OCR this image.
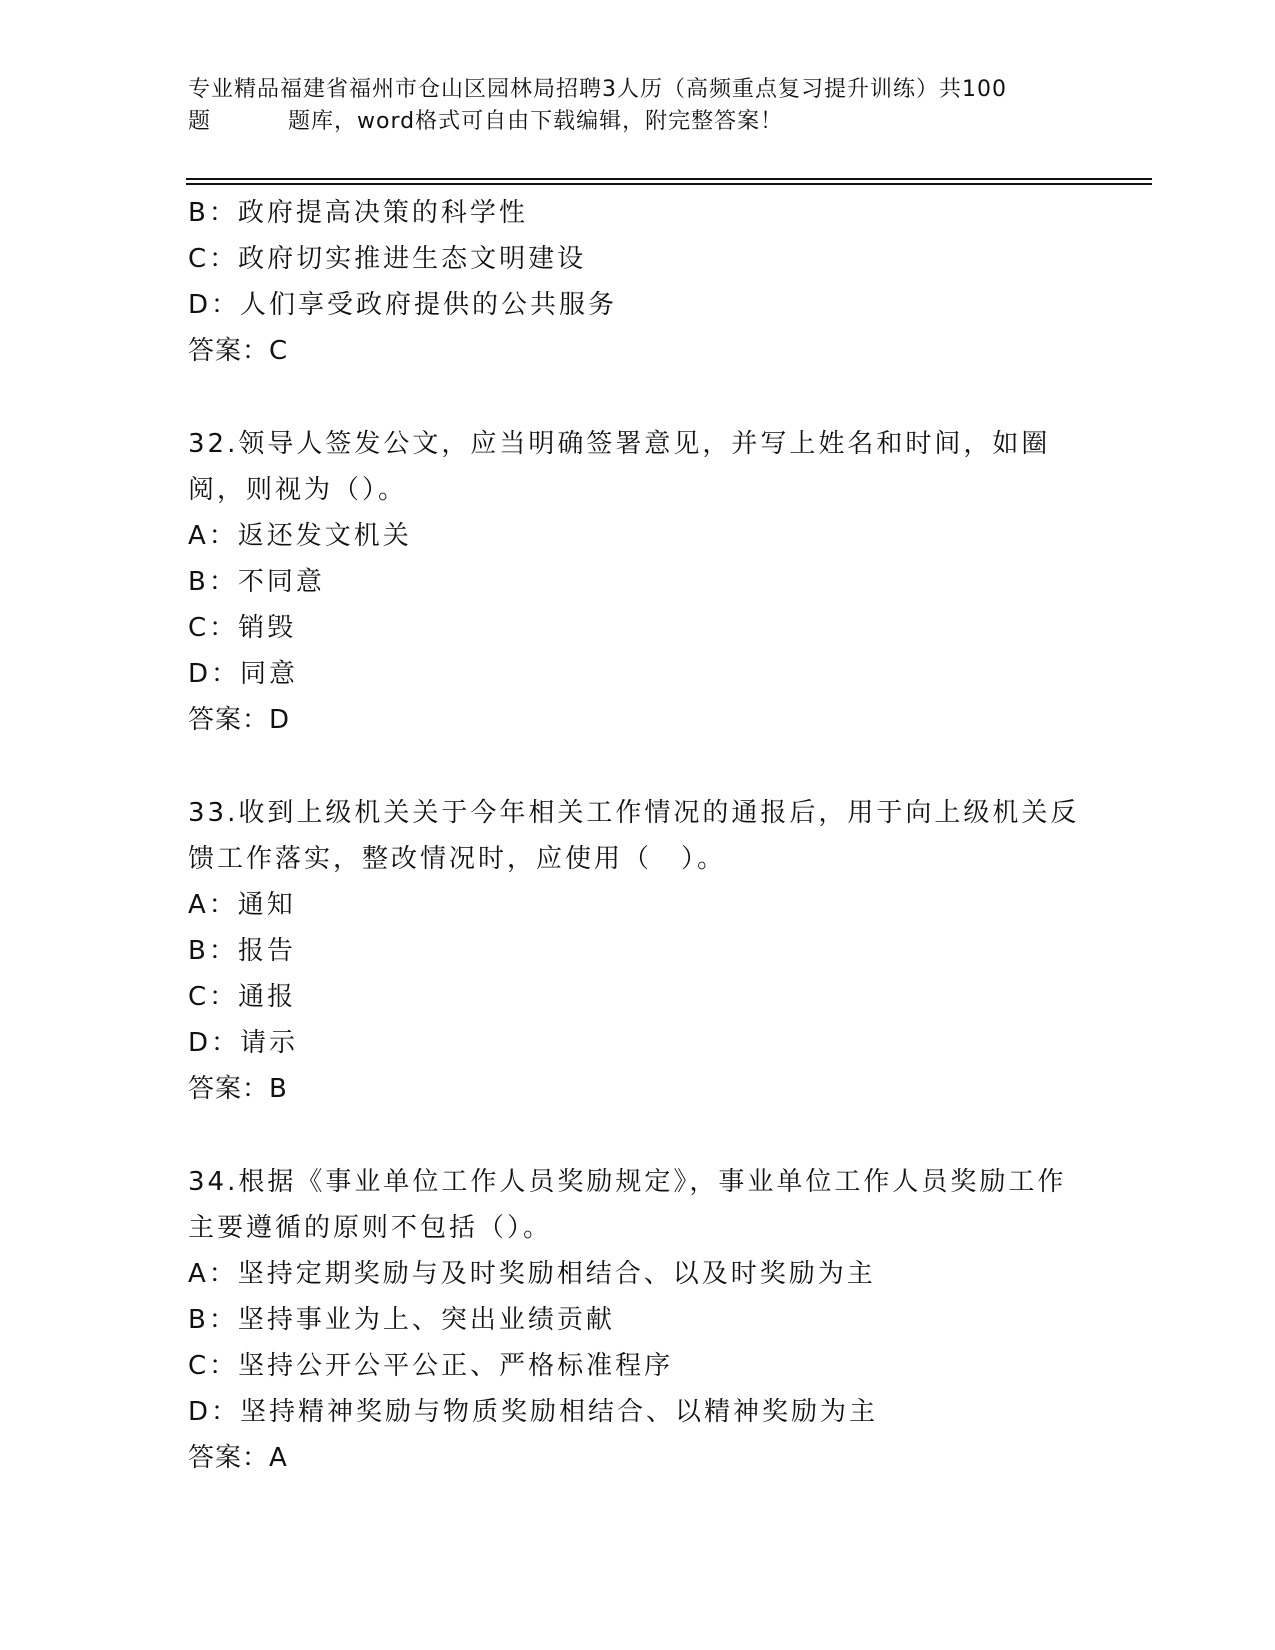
专业精品福建省福州市仓山区园林局招聘3人历（高频重点复习提升训练）共100
题	题库，word格式可自由下载编辑，附完整答案！
B：政府提高决策的科学性
C：政府切实推进生态文明建设
D：人们享受政府提供的公共服务
答案：C
32.领导人签发公文，应当明确签署意见，并写上姓名和时间，如圈阅，则视为（）。
A：返还发文机关
B：不同意
C：销毁
D：同意
答案：D
33.收到上级机关关于今年相关工作情况的通报后，用于向上级机关反馈工作落实，整改情况时，应使用（　）。
A：通知
B：报告
C：通报
D：请示
答案：B
34.根据《事业单位工作人员奖励规定》，事业单位工作人员奖励工作主要遵循的原则不包括（）。
A：坚持定期奖励与及时奖励相结合、以及时奖励为主
B：坚持事业为上、突出业绩贡献
C：坚持公开公平公正、严格标准程序
D：坚持精神奖励与物质奖励相结合、以精神奖励为主
答案：A
